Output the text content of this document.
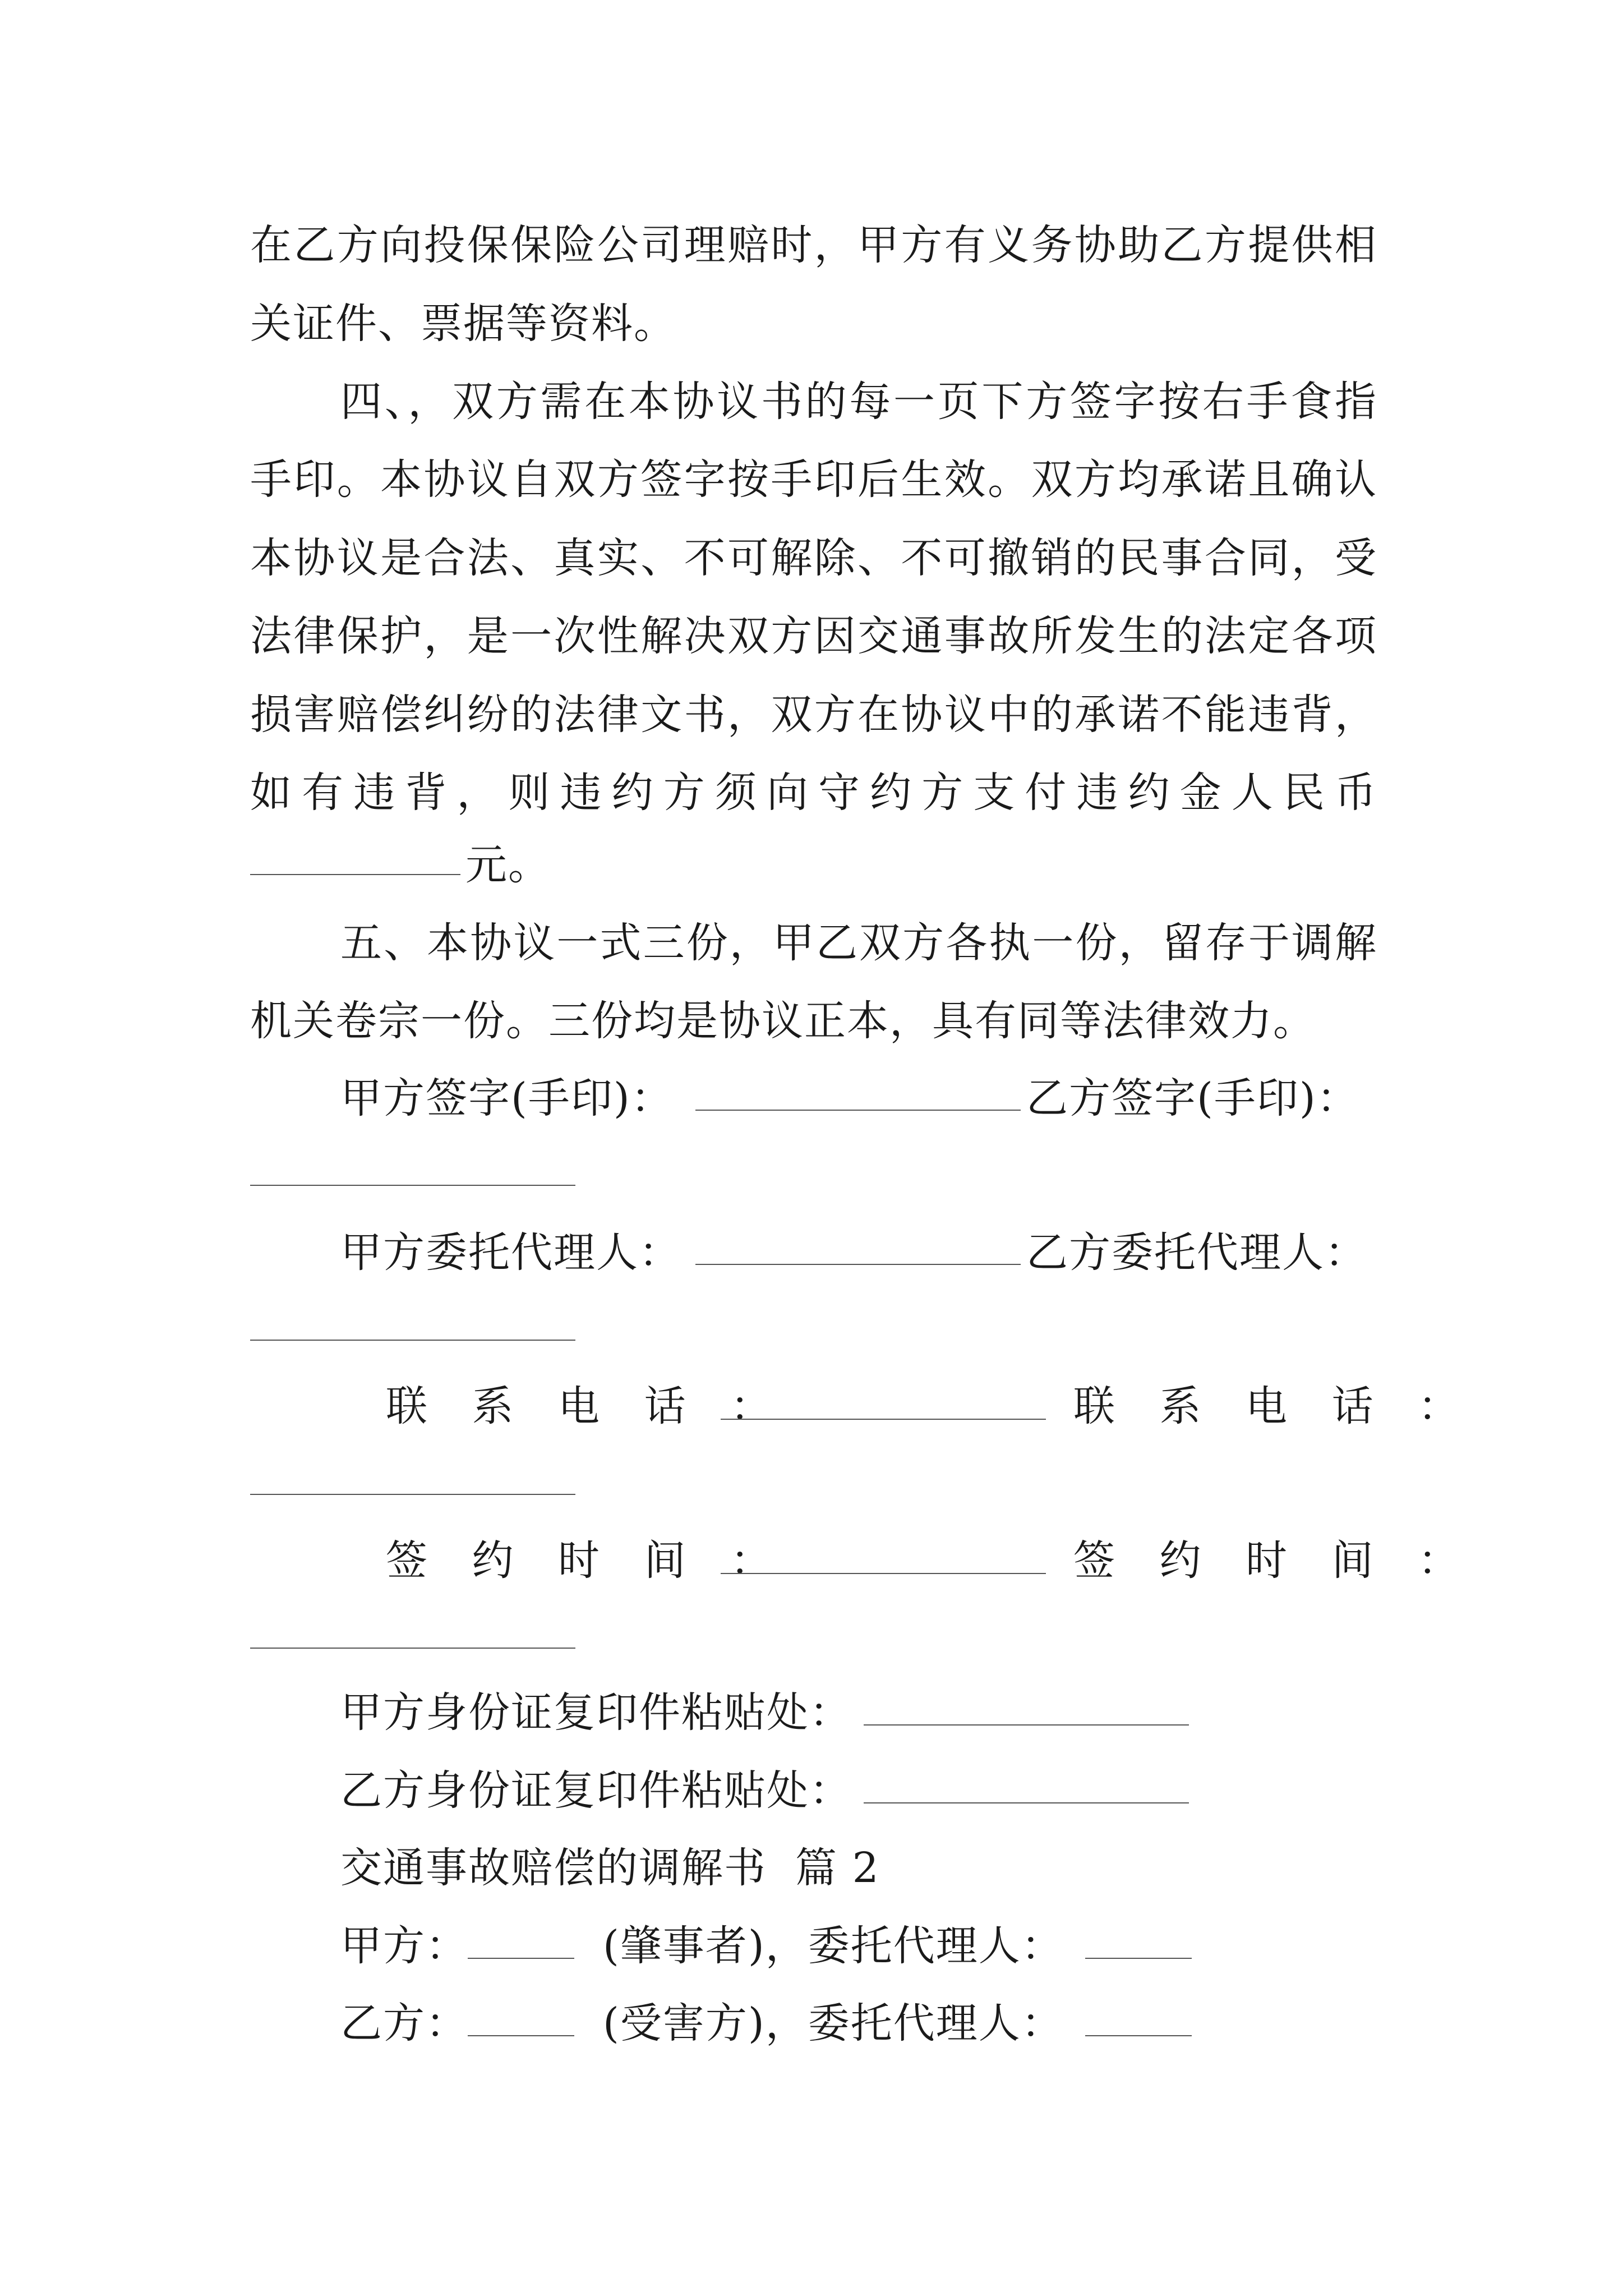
在乙方向投保保险公司理赔时，甲方有义务协助乙方提供相
关证件、票据等资料。
四、，双方需在本协议书的每一页下方签字按右手食指
手印。本协议自双方签字按手印后生效。双方均承诺且确认
本协议是合法、真实、不可解除、不可撤销的民事合同，受
法律保护，是一次性解决双方因交通事故所发生的法定各项
损害赔偿纠纷的法律文书，双方在协议中的承诺不能违背，
如有违背，则违约方须向守约方支付违约金人民币
元。
五、本协议一式三份，甲乙双方各执一份，留存于调解
机关卷宗一份。三份均是协议正本，具有同等法律效力。
甲方签字(手印)：	乙方签字(手印)：
甲方委托代理人：	乙方委托代理人：
联 系 电 话 ：	联 系 电 话 ：
签 约 时 间 ：	签 约 时 间 ：
甲方身份证复印件粘贴处：
乙方身份证复印件粘贴处：
交通事故赔偿的调解书  篇 2
甲方：	(肇事者)，委托代理人：
乙方：	(受害方)，委托代理人：
